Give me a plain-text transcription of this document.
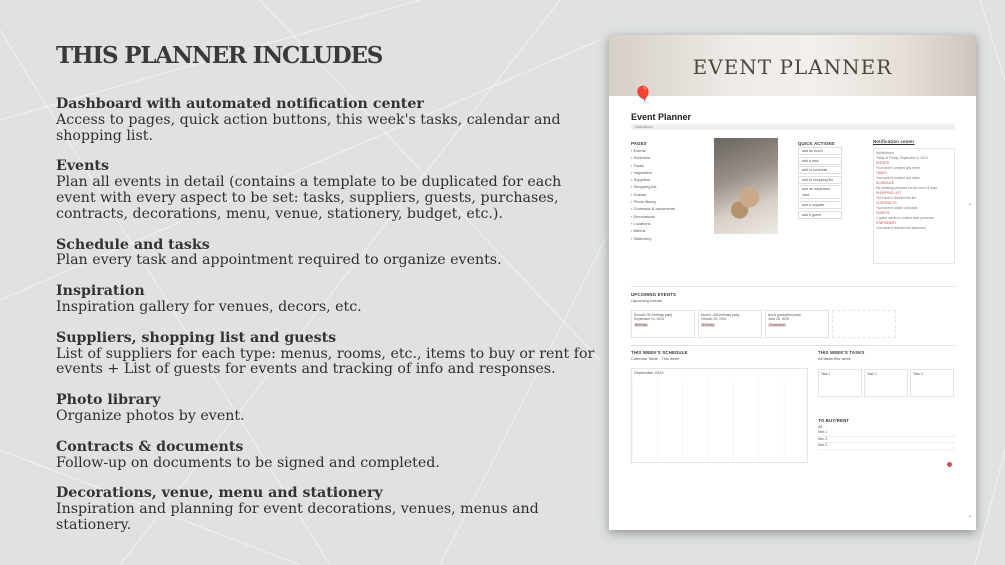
THIS PLANNER INCLUDES
Dashboard with automated notification center
Access to pages, quick action buttons, this week's tasks, calendar and shopping list.
Events
Plan all events in detail (contains a template to be duplicated for each event with every aspect to be set: tasks, suppliers, guests, purchases, contracts, decorations, menu, venue, stationery, budget, etc.).
Schedule and tasks
Plan every task and appointment required to organize events.
Inspiration
Inspiration gallery for venues, decors, etc.
Suppliers, shopping list and guests
List of suppliers for each type: menus, rooms, etc., items to buy or rent for events + List of guests for events and tracking of info and responses.
Photo library
Organize photos by event.
Contracts & documents
Follow-up on documents to be signed and completed.
Decorations, venue, menu and stationery
Inspiration and planning for event decorations, venues, menus and stationery.
EVENT PLANNER
🎈
Event Planner
Instructions
PAGES
▪ Events
▪ Schedule
▪ Tasks
▪ Inspiration
▪ Suppliers
▪ Shopping list
▪ Guests
▪ Photo library
▪ Contracts & documents
▪ Decorations
▪ Locations
▪ Menus
▪ Stationery
QUICK ACTIONS
add an event
add a task
add to schedule
add to shopping list
add an inspiration card
add a supplier
add a guest
Notification center
Notifications
Today is Friday, September 6, 2024
EVENTS
You haven't created any event
TASKS
You haven't created any tasks
SCHEDULE
No meetings planned for the next 14 days
SHOPPING LIST
You haven't finished the list
CONTRACTS
You haven't added contracts
GUESTS
1 guest needs to confirm their presence
STATIONERY
You haven't finished the stationery
UPCOMING EVENTS
Upcoming events
Emma's 7th birthday party
September 14, 2024
Birthday
Noah's 10th birthday party
October 20, 2024
Birthday
Ann's graduation party
June 28, 2025
Graduation
THIS WEEK'S SCHEDULE
Calendar Table - This week
September 2024
THIS WEEK'S TASKS
All tasks this week
Task 1	Task 2	Task 3
TO BUY/RENT
All
Item 1
Item 2
Item 3
⌄
⌄
